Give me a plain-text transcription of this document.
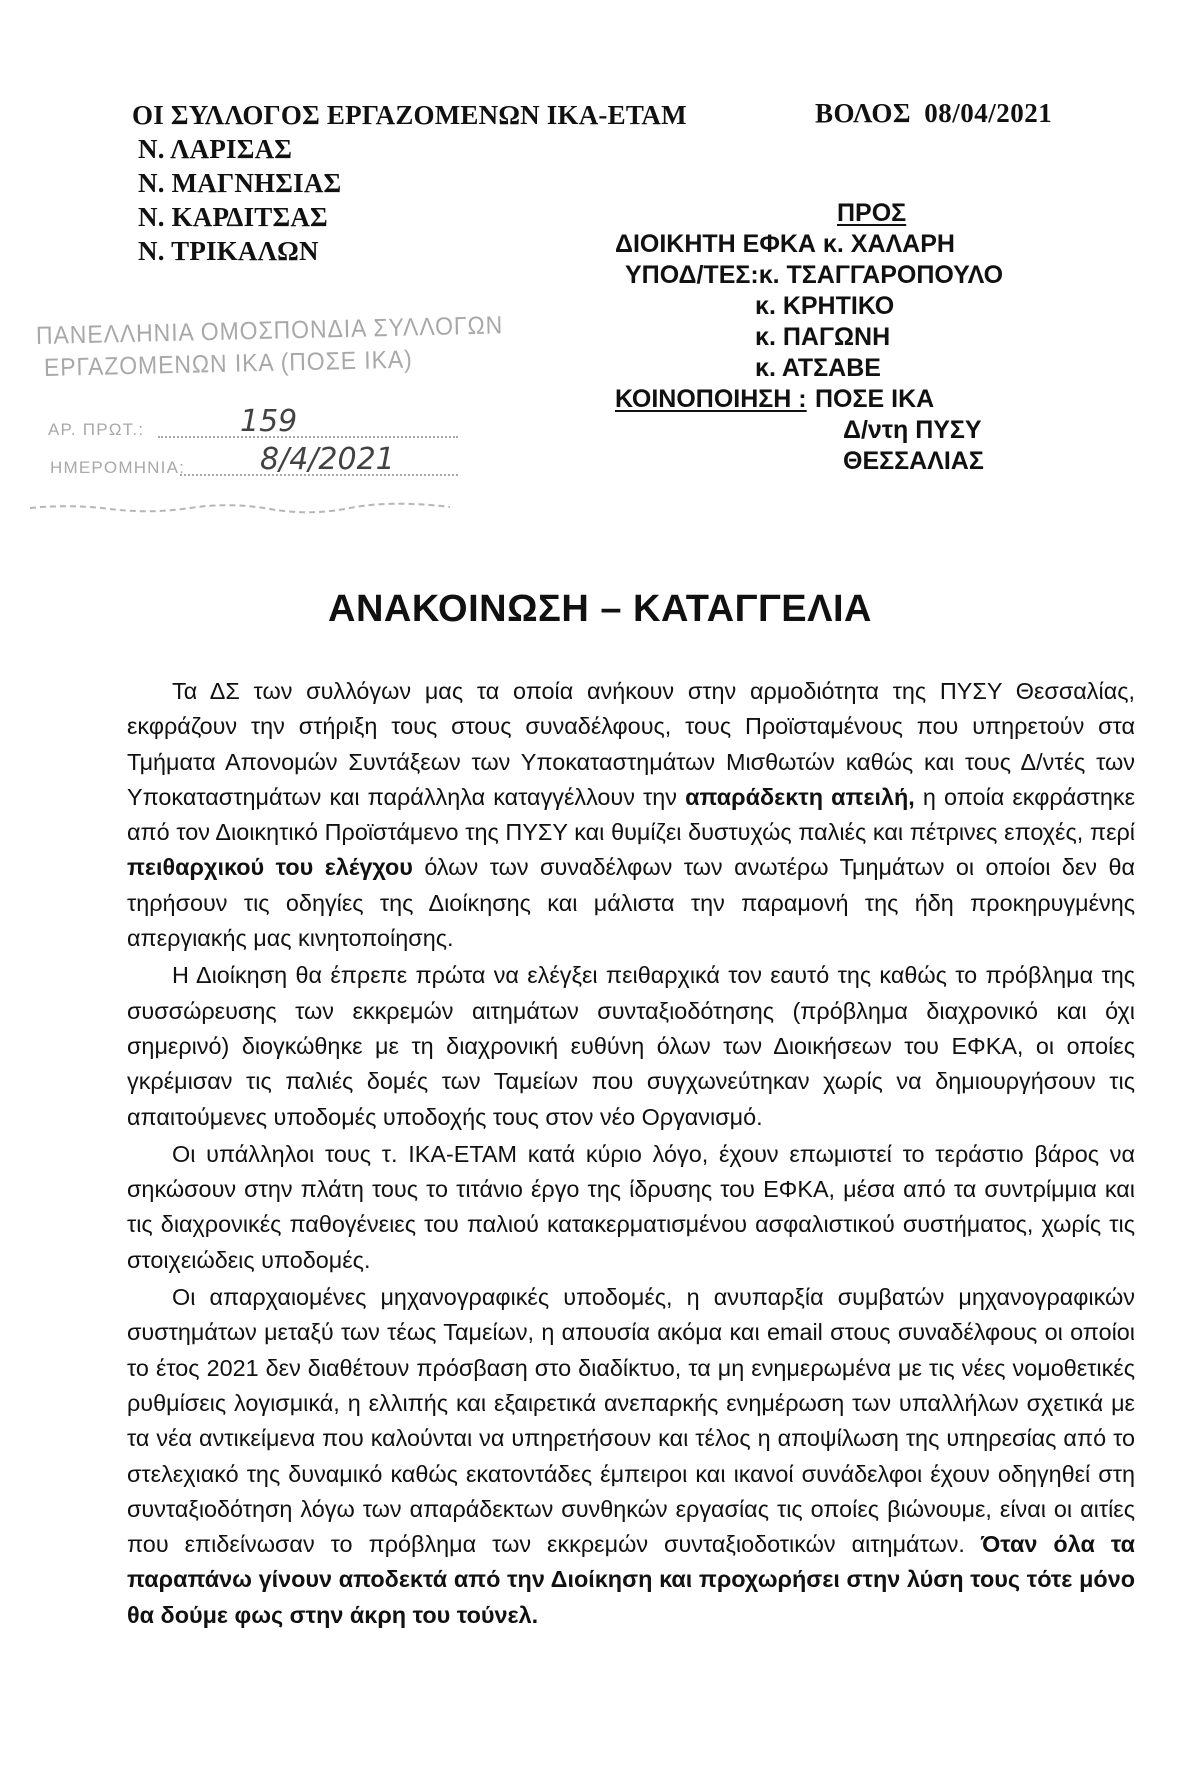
ΟΙ ΣΥΛΛΟΓΟΣ ΕΡΓΑΖΟΜΕΝΩΝ ΙΚΑ-ΕΤΑΜ
Ν. ΛΑΡΙΣΑΣ
Ν. ΜΑΓΝΗΣΙΑΣ
Ν. ΚΑΡΔΙΤΣΑΣ
Ν. ΤΡΙΚΑΛΩΝ
ΒΟΛΟΣ 08/04/2021
ΠΡΟΣ
ΔΙΟΙΚΗΤΗ ΕΦΚΑ κ. ΧΑΛΑΡΗ
ΥΠΟΔ/ΤΕΣ:κ. ΤΣΑΓΓΑΡΟΠΟΥΛΟ
κ. ΚΡΗΤΙΚΟ
κ. ΠΑΓΩΝΗ
κ. ΑΤΣΑΒΕ
ΚΟΙΝΟΠΟΙΗΣΗ : ΠΟΣΕ ΙΚΑ
Δ/ντη ΠΥΣΥ
ΘΕΣΣΑΛΙΑΣ
ΠΑΝΕΛΛΗΝΙΑ ΟΜΟΣΠΟΝΔΙΑ ΣΥΛΛΟΓΩΝ
ΕΡΓΑΖΟΜΕΝΩΝ ΙΚΑ (ΠΟΣΕ ΙΚΑ)
ΑΡ. ΠΡΩΤ.:	159
ΗΜΕΡΟΜΗΝΙΑ: 8/4/2021
ΑΝΑΚΟΙΝΩΣΗ – ΚΑΤΑΓΓΕΛΙΑ

Τα ΔΣ των συλλόγων μας τα οποία ανήκουν στην αρμοδιότητα της ΠΥΣΥ Θεσσαλίας, εκφράζουν την στήριξη τους στους συναδέλφους, τους Προϊσταμένους που υπηρετούν στα Τμήματα Απονομών Συντάξεων των Υποκαταστημάτων Μισθωτών καθώς και τους Δ/ντές των Υποκαταστημάτων και παράλληλα καταγγέλλουν την απαράδεκτη απειλή, η οποία εκφράστηκε από τον Διοικητικό Προϊστάμενο της ΠΥΣΥ και θυμίζει δυστυχώς παλιές και πέτρινες εποχές, περί πειθαρχικού του ελέγχου όλων των συναδέλφων των ανωτέρω Τμημάτων οι οποίοι δεν θα τηρήσουν τις οδηγίες της Διοίκησης και μάλιστα την παραμονή της ήδη προκηρυγμένης απεργιακής μας κινητοποίησης.

Η Διοίκηση θα έπρεπε πρώτα να ελέγξει πειθαρχικά τον εαυτό της καθώς το πρόβλημα της συσσώρευσης των εκκρεμών αιτημάτων συνταξιοδότησης (πρόβλημα διαχρονικό και όχι σημερινό) διογκώθηκε με τη διαχρονική ευθύνη όλων των Διοικήσεων του ΕΦΚΑ, οι οποίες γκρέμισαν τις παλιές δομές των Ταμείων που συγχωνεύτηκαν χωρίς να δημιουργήσουν τις απαιτούμενες υποδομές υποδοχής τους στον νέο Οργανισμό.

Οι υπάλληλοι τους τ. ΙΚΑ-ΕΤΑΜ κατά κύριο λόγο, έχουν επωμιστεί το τεράστιο βάρος να σηκώσουν στην πλάτη τους το τιτάνιο έργο της ίδρυσης του ΕΦΚΑ, μέσα από τα συντρίμμια και τις διαχρονικές παθογένειες του παλιού κατακερματισμένου ασφαλιστικού συστήματος, χωρίς τις στοιχειώδεις υποδομές.

Οι απαρχαιομένες μηχανογραφικές υποδομές, η ανυπαρξία συμβατών μηχανογραφικών συστημάτων μεταξύ των τέως Ταμείων, η απουσία ακόμα και email στους συναδέλφους οι οποίοι το έτος 2021 δεν διαθέτουν πρόσβαση στο διαδίκτυο, τα μη ενημερωμένα με τις νέες νομοθετικές ρυθμίσεις λογισμικά, η ελλιπής και εξαιρετικά ανεπαρκής ενημέρωση των υπαλλήλων σχετικά με τα νέα αντικείμενα που καλούνται να υπηρετήσουν και τέλος η αποψίλωση της υπηρεσίας από το στελεχιακό της δυναμικό καθώς εκατοντάδες έμπειροι και ικανοί συνάδελφοι έχουν οδηγηθεί στη συνταξιοδότηση λόγω των απαράδεκτων συνθηκών εργασίας τις οποίες βιώνουμε, είναι οι αιτίες που επιδείνωσαν το πρόβλημα των εκκρεμών συνταξιοδοτικών αιτημάτων. Όταν όλα τα παραπάνω γίνουν αποδεκτά από την Διοίκηση και προχωρήσει στην λύση τους τότε μόνο θα δούμε φως στην άκρη του τούνελ.
